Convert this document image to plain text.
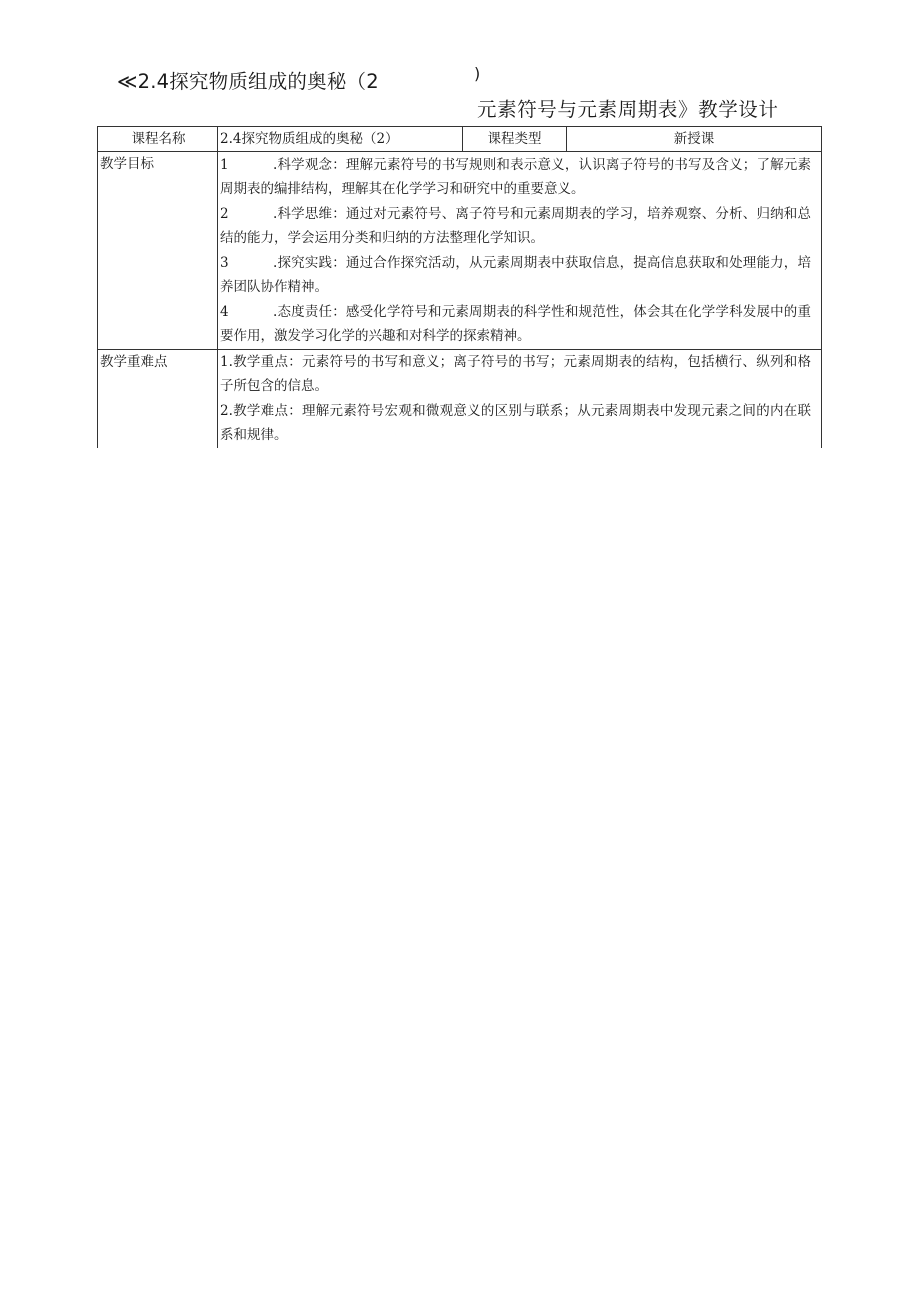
≪2.4探究物质组成的奥秘（2	)
元素符号与元素周期表》教学设计
课程名称	2.4探究物质组成的奥秘（2）	课程类型	新授课
教学目标	1	.科学观念：理解元素符号的书写规则和表示意义，认识离子符号的书写及含义；了解元素周期表的编排结构，理解其在化学学习和研究中的重要意义。

2	.科学思维：通过对元素符号、离子符号和元素周期表的学习，培养观察、分析、归纳和总结的能力，学会运用分类和归纳的方法整理化学知识。

3	.探究实践：通过合作探究活动，从元素周期表中获取信息，提高信息获取和处理能力，培养团队协作精神。

4	.态度责任：感受化学符号和元素周期表的科学性和规范性，体会其在化学学科发展中的重要作用，激发学习化学的兴趣和对科学的探索精神。

教学重难点	1.教学重点：元素符号的书写和意义；离子符号的书写；元素周期表的结构，包括横行、纵列和格子所包含的信息。

2.教学难点：理解元素符号宏观和微观意义的区别与联系；从元素周期表中发现元素之间的内在联系和规律。
